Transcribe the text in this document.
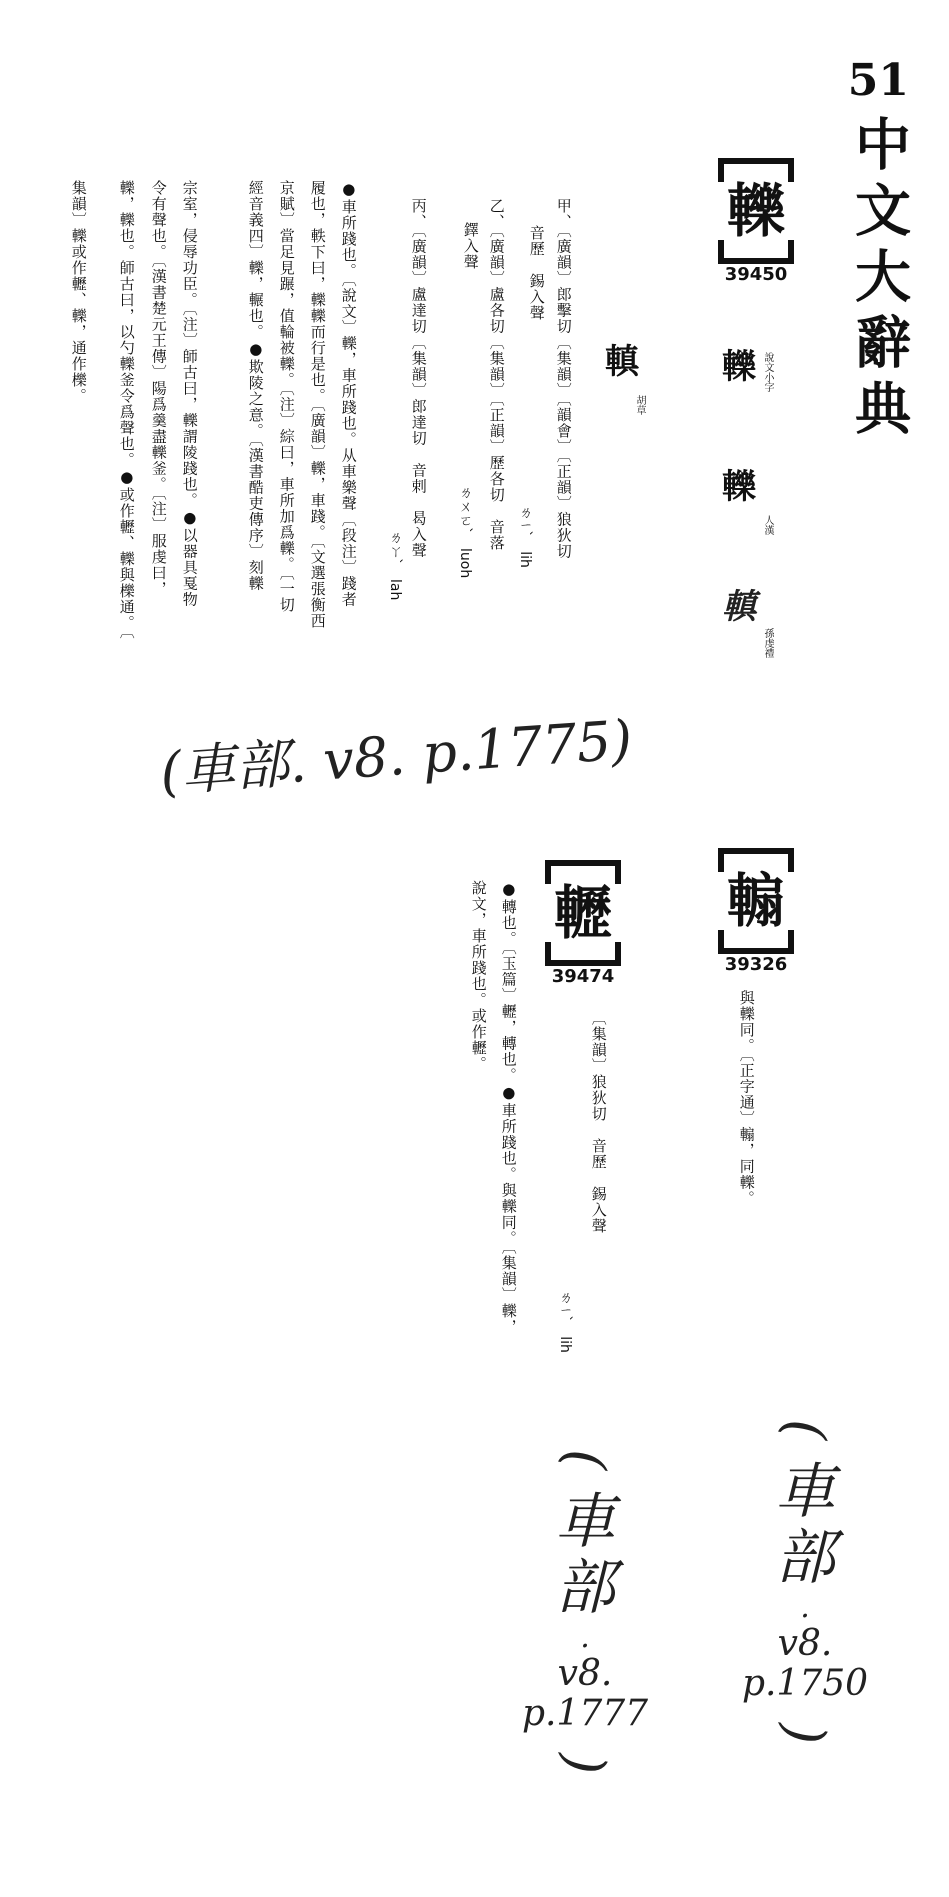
51
中文大辭典
轢
39450
轢 說文小字
轢
人漢
䡩
孫虔禮
䡩
胡草
甲、〔廣韻〕郎擊切〔集韻〕〔韻會〕〔正韻〕狼狄切
音歷　錫入聲
ㄌㄧˋ　lih
乙、〔廣韻〕盧各切〔集韻〕〔正韻〕歷各切　音落
鐸入聲
ㄌㄨㄛˋ　luoh
丙、〔廣韻〕盧達切〔集韻〕郎達切　音剌　曷入聲
ㄌㄚˋ　lah
●車所踐也。〔說文〕轢，車所踐也。从車樂聲〔段注〕踐者
履也，軼下曰，轢轢而行是也。〔廣韻〕轢，車踐。〔文選張衡西
京賦〕當足見蹍，值輪被轢。〔注〕綜曰，車所加爲轢。〔一切
經音義四〕轢，輾也。●欺陵之意。〔漢書酷吏傳序〕刻轢
宗室，侵辱功臣。〔注〕師古曰，轢謂陵踐也。●以器具戛物
令有聲也。〔漢書楚元王傳〕陽爲羹盡轢釜。〔注〕服虔曰，
轢，轢也。師古曰，以勺轢釜令爲聲也。●或作轣、轢與櫟通。〔
集韻〕轢或作轣、轢，通作櫟。
(車部. v8. p.1775)
䡪
39326
與轢同。〔正字通〕䡪，同轢。
轣
39474
〔集韻〕狼狄切　音歷　錫入聲
ㄌㄧˋ　lih
●轉也。〔玉篇〕轣，轉也。●車所踐也。與轢同。〔集韻〕轢，
說文，車所踐也。或作轣。
(
車
部
.
v8.
p.1777
)
(
車
部
.
v8.
p.1750
)
